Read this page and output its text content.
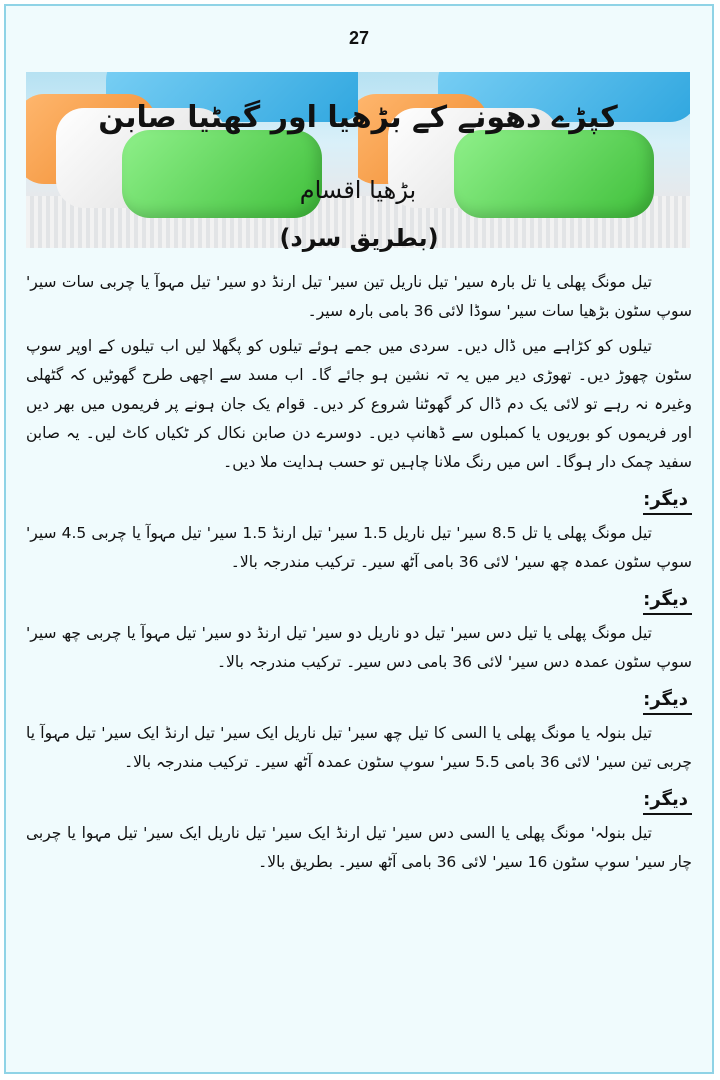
27
کپڑے دھونے کے بڑھیا اور گھٹیا صابن
بڑھیا اقسام
(بطریق سرد)

تیل مونگ پھلی یا تل بارہ سیر' تیل ناریل تین سیر' تیل ارنڈ دو سیر' تیل مہوآ یا چربی سات سیر' سوپ سٹون بڑھیا سات سیر' سوڈا لائی 36 بامی بارہ سیر۔

تیلوں کو کڑاہے میں ڈال دیں۔ سردی میں جمے ہوئے تیلوں کو پگھلا لیں اب تیلوں کے اوپر سوپ سٹون چھوڑ دیں۔ تھوڑی دیر میں یہ تہ نشین ہو جائے گا۔ اب مسد سے اچھی طرح گھوٹیں کہ گٹھلی وغیرہ نہ رہے تو لائی یک دم ڈال کر گھوٹنا شروع کر دیں۔ قوام یک جان ہونے پر فریموں میں بھر دیں اور فریموں کو بوریوں یا کمبلوں سے ڈھانپ دیں۔ دوسرے دن صابن نکال کر ٹکیاں کاٹ لیں۔ یہ صابن سفید چمک دار ہوگا۔ اس میں رنگ ملانا چاہیں تو حسب ہدایت ملا دیں۔

دیگر:

تیل مونگ پھلی یا تل 8.5 سیر' تیل ناریل 1.5 سیر' تیل ارنڈ 1.5 سیر' تیل مہوآ یا چربی 4.5 سیر' سوپ سٹون عمدہ چھ سیر' لائی 36 بامی آٹھ سیر۔ ترکیب مندرجہ بالا۔

دیگر:

تیل مونگ پھلی یا تیل دس سیر' تیل دو ناریل دو سیر' تیل ارنڈ دو سیر' تیل مہوآ یا چربی چھ سیر' سوپ سٹون عمدہ دس سیر' لائی 36 بامی دس سیر۔ ترکیب مندرجہ بالا۔

دیگر:

تیل بنولہ یا مونگ پھلی یا السی کا تیل چھ سیر' تیل ناریل ایک سیر' تیل ارنڈ ایک سیر' تیل مہوآ یا چربی تین سیر' لائی 36 بامی 5.5 سیر' سوپ سٹون عمدہ آٹھ سیر۔ ترکیب مندرجہ بالا۔

دیگر:

تیل بنولہ' مونگ پھلی یا السی دس سیر' تیل ارنڈ ایک سیر' تیل ناریل ایک سیر' تیل مہوا یا چربی چار سیر' سوپ سٹون 16 سیر' لائی 36 بامی آٹھ سیر۔ بطریق بالا۔
